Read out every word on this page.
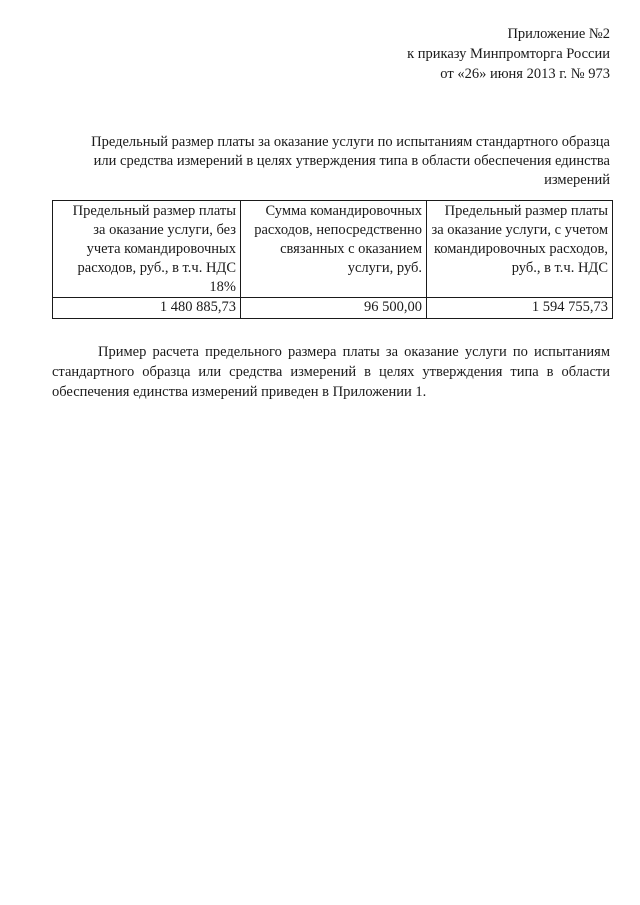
Приложение №2
к приказу Минпромторга России
от «26» июня 2013 г. № 973
Предельный размер платы за оказание услуги по испытаниям стандартного образца
или средства измерений в целях утверждения типа в области обеспечения единства
измерений
Предельный размер платы за оказание услуги, без учета командировочных расходов, руб., в т.ч. НДС 18%	Сумма командировочных расходов, непосредственно связанных с оказанием услуги, руб.	Предельный размер платы за оказание услуги, с учетом командировочных расходов, руб., в т.ч. НДС
1 480 885,73	96 500,00	1 594 755,73

Пример расчета предельного размера платы за оказание услуги по испытаниям стандартного образца или средства измерений в целях утверждения типа в области обеспечения единства измерений приведен в Приложении 1.
